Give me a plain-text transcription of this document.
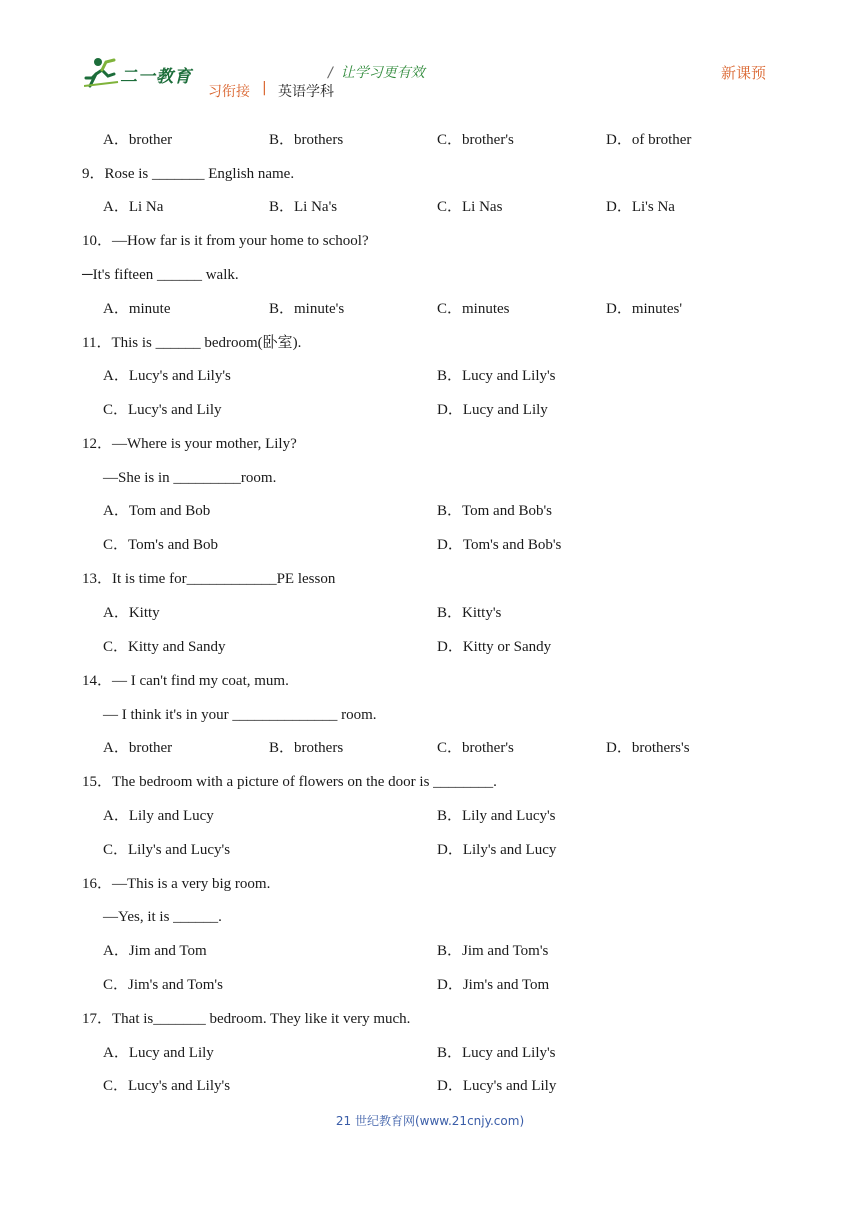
二一教育	/ 让学习更有效	新课预
习衔接 | 英语学科
A．brother	B．brothers	C．brother's	D．of brother
9．Rose is _______ English name.
A．Li Na	B．Li Na's	C．Li Nas	D．Li's Na
10．—How far is it from your home to school?
─It's fifteen ______ walk.
A．minute	B．minute's	C．minutes	D．minutes'
11．This is ______ bedroom(卧室).
A．Lucy's and Lily's	B．Lucy and Lily's
C．Lucy's and Lily	D．Lucy and Lily
12．—Where is your mother, Lily?
—She is in _________room.
A．Tom and Bob	B．Tom and Bob's
C．Tom's and Bob	D．Tom's and Bob's
13．It is time for____________PE lesson
A．Kitty	B．Kitty's
C．Kitty and Sandy	D．Kitty or Sandy
14．— I can't find my coat, mum.
— I think it's in your ______________ room.
A．brother	B．brothers	C．brother's	D．brothers's
15．The bedroom with a picture of flowers on the door is ________.
A．Lily and Lucy	B．Lily and Lucy's
C．Lily's and Lucy's	D．Lily's and Lucy
16．—This is a very big room.
—Yes, it is ______.
A．Jim and Tom	B．Jim and Tom's
C．Jim's and Tom's	D．Jim's and Tom
17．That is_______ bedroom. They like it very much.
A．Lucy and Lily	B．Lucy and Lily's
C．Lucy's and Lily's	D．Lucy's and Lily
21 世纪教育网(www.21cnjy.com)
